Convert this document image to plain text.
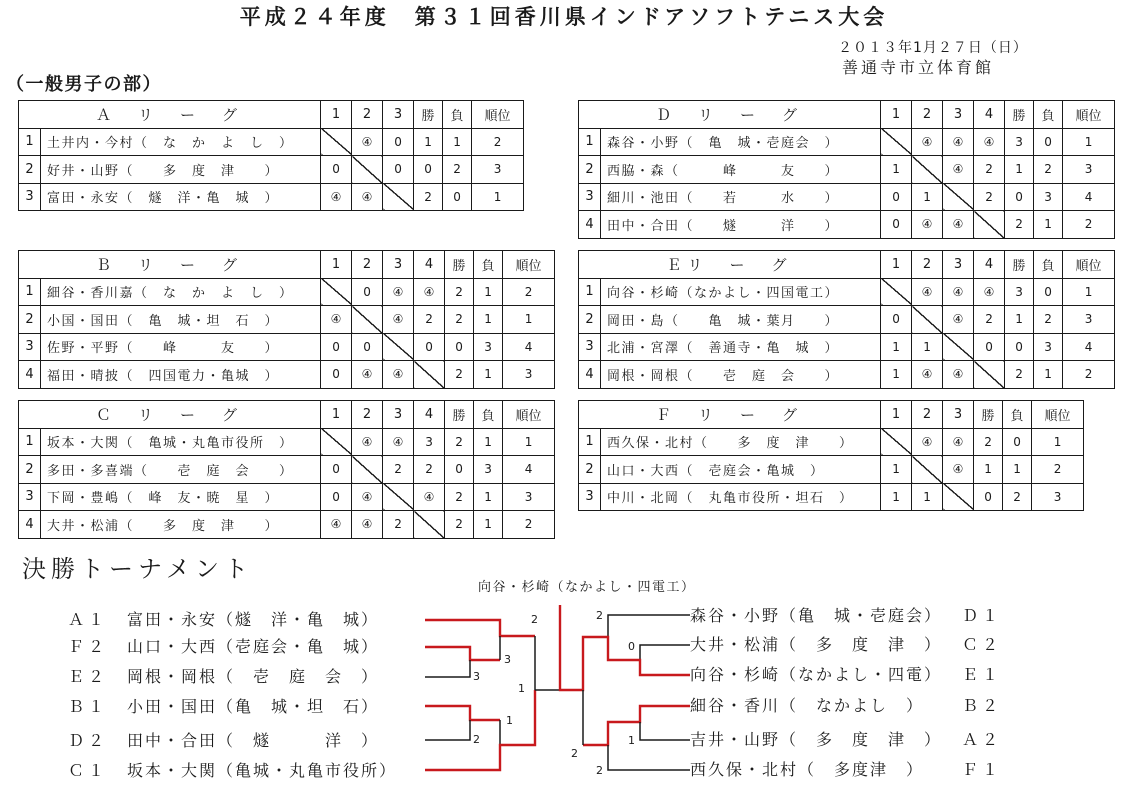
平成２４年度　第３１回香川県インドアソフトテニス大会
２０１３年1月２７日（日）
善通寺市立体育館
（一般男子の部）
Ａ　リ　ー　グ		1	2	3	勝	負	順位
1	土井内・今村（　な　か　よ　し　）		④	0	1	1	2
2	好井・山野（　　多　度　津　　）	0		0	0	2	3
3	富田・永安（　燧　洋・亀　城　）	④	④		2	0	1
Ｂ　リ　ー　グ		1	2	3	4	勝	負	順位
1	細谷・香川嘉（　な　か　よ　し　）		0	④	④	2	1	2
2	小国・国田（　亀　城・坦　石　）	④		④	2	2	1	1
3	佐野・平野（　　峰　　　友　　）	0	0		0	0	3	4
4	福田・晴披（　四国電力・亀城　）	0	④	④		2	1	3
Ｃ　リ　ー　グ		1	2	3	4	勝	負	順位
1	坂本・大関（　亀城・丸亀市役所　）		④	④	3	2	1	1
2	多田・多喜端（　　壱　庭　会　　）	0		2	2	0	3	4
3	下岡・豊嶋（　峰　友・暁　星　）	0	④		④	2	1	3
4	大井・松浦（　　多　度　津　　）	④	④	2		2	1	2
Ｄ　リ　ー　グ		1	2	3	4	勝	負	順位
1	森谷・小野（　亀　城・壱庭会　）		④	④	④	3	0	1
2	西脇・森（　　　峰　　　友　　）	1		④	2	1	2	3
3	細川・池田（　　若　　　水　　）	0	1		2	0	3	4
4	田中・合田（　　燧　　　洋　　）	0	④	④		2	1	2
Ｅリ　ー　グ		1	2	3	4	勝	負	順位
1	向谷・杉崎（なかよし・四国電工）		④	④	④	3	0	1
2	岡田・島（　　亀　城・葉月　　）	0		④	2	1	2	3
3	北浦・宮澤（　善通寺・亀　城　）	1	1		0	0	3	4
4	岡根・岡根（　　壱　庭　会　　）	1	④	④		2	1	2
Ｆ　リ　ー　グ		1	2	3	勝	負	順位
1	西久保・北村（　　多　度　津　　）		④	④	2	0	1
2	山口・大西（　壱庭会・亀城　）	1		④	1	1	2
3	中川・北岡（　丸亀市役所・坦石　）	1	1		0	2	3
決勝トーナメント
向谷・杉崎（なかよし・四電工）
Ａ１ 富田・永安（燧　洋・亀　城）
Ｆ２ 山口・大西（壱庭会・亀　城）
Ｅ２ 岡根・岡根（　壱　庭　会　）
Ｂ１ 小田・国田（亀　城・坦　石）
Ｄ２ 田中・合田（　燧　　　洋　）
Ｃ１ 坂本・大関（亀城・丸亀市役所）
森谷・小野（亀　城・壱庭会） Ｄ１
大井・松浦（　多　度　津　） Ｃ２
向谷・杉崎（なかよし・四電） Ｅ１
細谷・香川（　なかよし　） Ｂ２
吉井・山野（　多　度　津　） Ａ２
西久保・北村（　多度津　） Ｆ１
2
3
3
1
1
2
2
0
1
2
2
